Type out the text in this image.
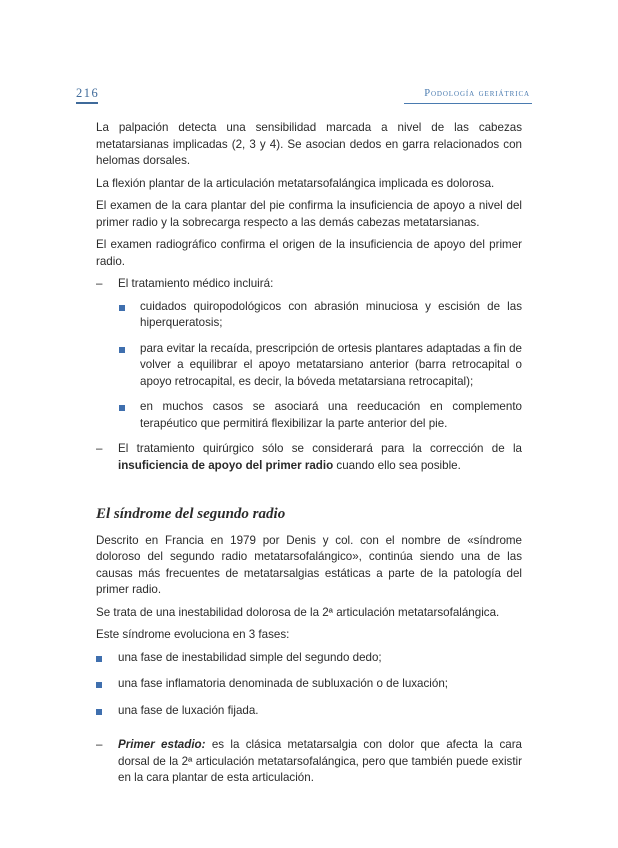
216	Podología geriátrica

La palpación detecta una sensibilidad marcada a nivel de las cabezas metatarsianas implicadas (2, 3 y 4). Se asocian dedos en garra relacionados con helomas dorsales.

La flexión plantar de la articulación metatarsofalángica implicada es dolorosa.

El examen de la cara plantar del pie confirma la insuficiencia de apoyo a nivel del primer radio y la sobrecarga respecto a las demás cabezas metatarsianas.

El examen radiográfico confirma el origen de la insuficiencia de apoyo del primer radio.

– El tratamiento médico incluirá:
cuidados quiropodológicos con abrasión minuciosa y escisión de las hiperqueratosis;
para evitar la recaída, prescripción de ortesis plantares adaptadas a fin de volver a equilibrar el apoyo metatarsiano anterior (barra retrocapital o apoyo retrocapital, es decir, la bóveda metatarsiana retrocapital);
en muchos casos se asociará una reeducación en complemento terapéutico que permitirá flexibilizar la parte anterior del pie.
– El tratamiento quirúrgico sólo se considerará para la corrección de la insuficiencia de apoyo del primer radio cuando ello sea posible.
El síndrome del segundo radio

Descrito en Francia en 1979 por Denis y col. con el nombre de «síndrome doloroso del segundo radio metatarsofalángico», continúa siendo una de las causas más frecuentes de metatarsalgias estáticas a parte de la patología del primer radio.

Se trata de una inestabilidad dolorosa de la 2ª articulación metatarsofalángica.

Este síndrome evoluciona en 3 fases:

una fase de inestabilidad simple del segundo dedo;
una fase inflamatoria denominada de subluxación o de luxación;
una fase de luxación fijada.
– Primer estadio: es la clásica metatarsalgia con dolor que afecta la cara dorsal de la 2ª articulación metatarsofalángica, pero que también puede existir en la cara plantar de esta articulación.
